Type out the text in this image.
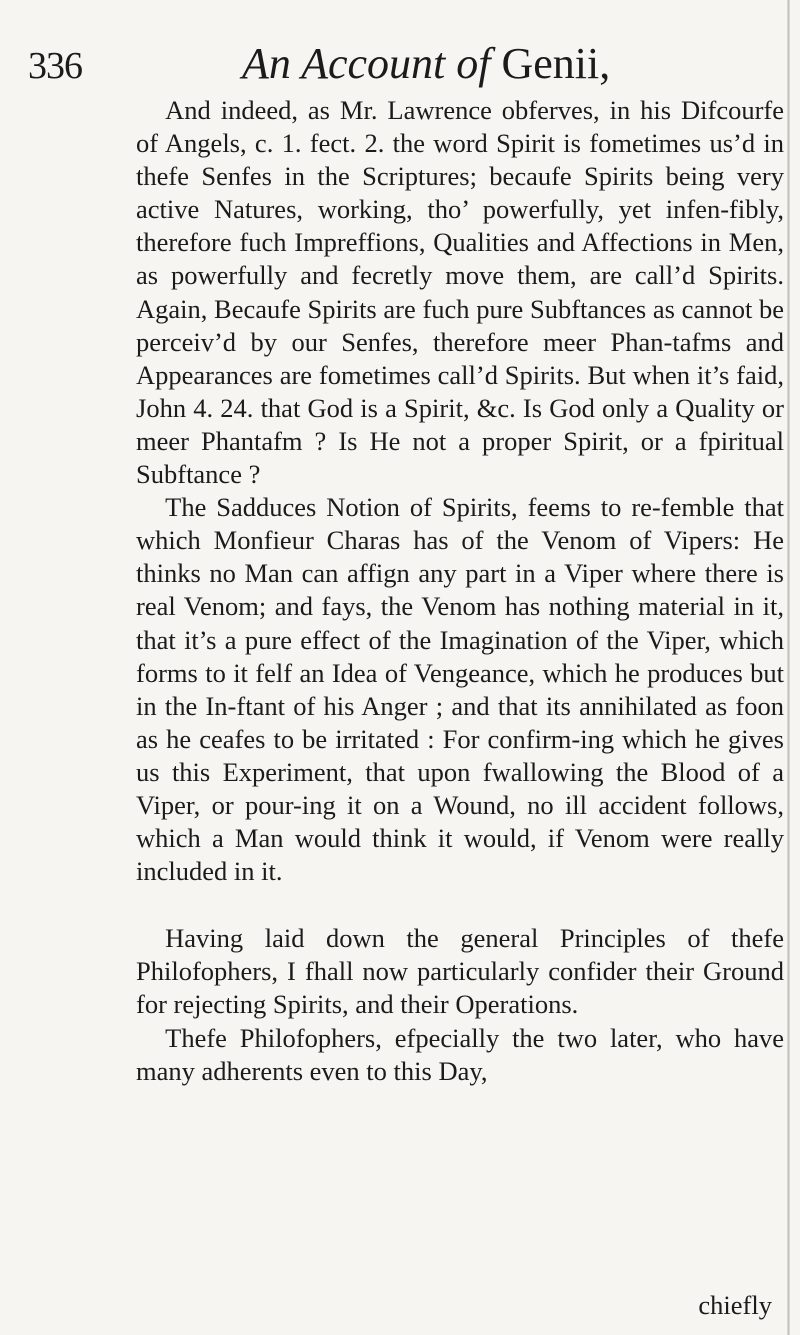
336	An Account of Genii,

And indeed, as Mr. Lawrence obferves, in his Difcourfe of Angels, c. 1. fect. 2. the word Spirit is fometimes us’d in thefe Senfes in the Scriptures; becaufe Spirits being very active Natures, working, tho’ powerfully, yet infen-fibly, therefore fuch Impreffions, Qualities and Affections in Men, as powerfully and fecretly move them, are call’d Spirits. Again, Becaufe Spirits are fuch pure Subftances as cannot be perceiv’d by our Senfes, therefore meer Phan-tafms and Appearances are fometimes call’d Spirits. But when it’s faid, John 4. 24. that God is a Spirit, &c. Is God only a Quality or meer Phantafm ? Is He not a proper Spirit, or a fpiritual Subftance ?

The Sadduces Notion of Spirits, feems to re-femble that which Monfieur Charas has of the Venom of Vipers: He thinks no Man can affign any part in a Viper where there is real Venom; and fays, the Venom has nothing material in it, that it’s a pure effect of the Imagination of the Viper, which forms to it felf an Idea of Vengeance, which he produces but in the In-ftant of his Anger ; and that its annihilated as foon as he ceafes to be irritated : For confirm-ing which he gives us this Experiment, that upon fwallowing the Blood of a Viper, or pour-ing it on a Wound, no ill accident follows, which a Man would think it would, if Venom were really included in it.

Having laid down the general Principles of thefe Philofophers, I fhall now particularly confider their Ground for rejecting Spirits, and their Operations.

Thefe Philofophers, efpecially the two later, who have many adherents even to this Day,

chiefly
